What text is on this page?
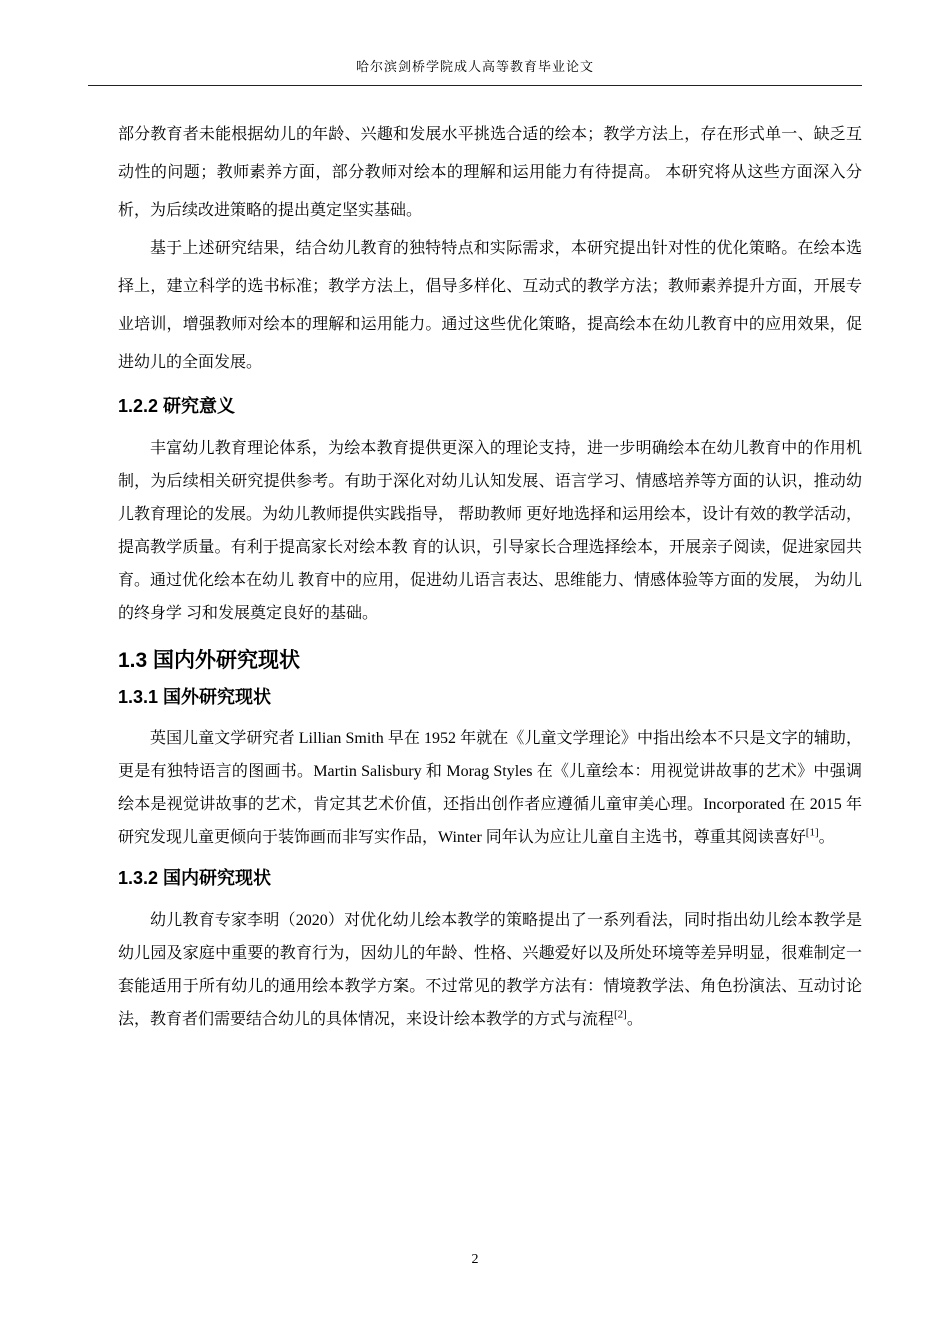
哈尔滨剑桥学院成人高等教育毕业论文

部分教育者未能根据幼儿的年龄、兴趣和发展水平挑选合适的绘本；教学方法上，存在形式单一、缺乏互动性的问题；教师素养方面，部分教师对绘本的理解和运用能力有待提高。 本研究将从这些方面深入分析，为后续改进策略的提出奠定坚实基础。

基于上述研究结果，结合幼儿教育的独特特点和实际需求，本研究提出针对性的优化策略。在绘本选择上，建立科学的选书标准；教学方法上，倡导多样化、互动式的教学方法；教师素养提升方面，开展专业培训，增强教师对绘本的理解和运用能力。通过这些优化策略，提高绘本在幼儿教育中的应用效果，促进幼儿的全面发展。

1.2.2 研究意义

丰富幼儿教育理论体系，为绘本教育提供更深入的理论支持，进一步明确绘本在幼儿教育中的作用机制，为后续相关研究提供参考。有助于深化对幼儿认知发展、语言学习、情感培养等方面的认识，推动幼儿教育理论的发展。为幼儿教师提供实践指导， 帮助教师 更好地选择和运用绘本，设计有效的教学活动，提高教学质量。有利于提高家长对绘本教 育的认识，引导家长合理选择绘本，开展亲子阅读，促进家园共育。通过优化绘本在幼儿 教育中的应用，促进幼儿语言表达、思维能力、情感体验等方面的发展， 为幼儿的终身学 习和发展奠定良好的基础。

1.3 国内外研究现状
1.3.1 国外研究现状

英国儿童文学研究者 Lillian Smith 早在 1952 年就在《儿童文学理论》中指出绘本不只是文字的辅助，更是有独特语言的图画书。Martin Salisbury 和 Morag Styles 在《儿童绘本：用视觉讲故事的艺术》中强调绘本是视觉讲故事的艺术，肯定其艺术价值，还指出创作者应遵循儿童审美心理。Incorporated 在 2015 年研究发现儿童更倾向于装饰画而非写实作品，Winter 同年认为应让儿童自主选书，尊重其阅读喜好[1]。

1.3.2 国内研究现状

幼儿教育专家李明（2020）对优化幼儿绘本教学的策略提出了一系列看法，同时指出幼儿绘本教学是幼儿园及家庭中重要的教育行为，因幼儿的年龄、性格、兴趣爱好以及所处环境等差异明显，很难制定一套能适用于所有幼儿的通用绘本教学方案。不过常见的教学方法有：情境教学法、角色扮演法、互动讨论法，教育者们需要结合幼儿的具体情况，来设计绘本教学的方式与流程[2]。

2
